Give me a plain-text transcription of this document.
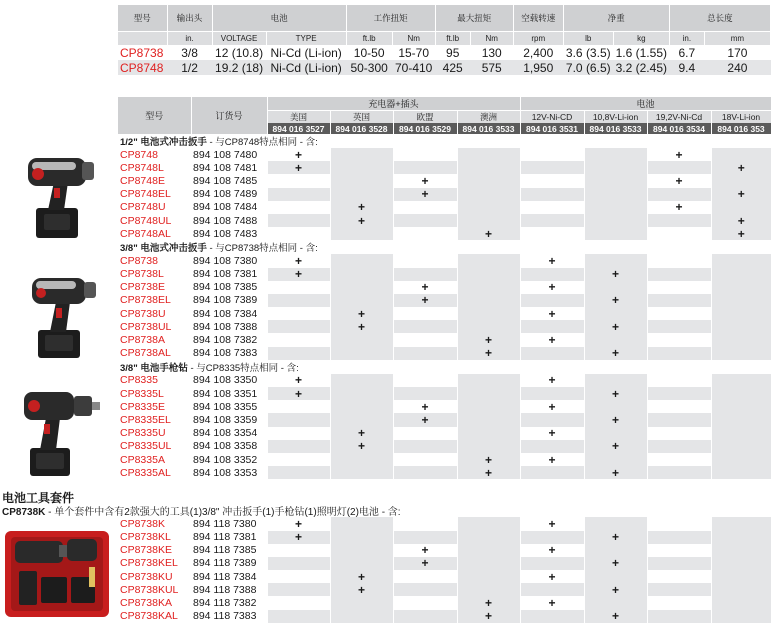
型号	输出头	电池		工作扭矩		最大扭矩		空载转速	净重		总长度	
	in.	VOLTAGE	TYPE	ft.lb	Nm	ft.lb	Nm	rpm	lb	kg	in.	mm
CP8738	3/8	12 (10.8)	Ni-Cd (Li-ion)	10-50	15-70	95	130	2,400	3.6 (3.5)	1.6 (1.55)	6.7	170
CP8748	1/2	19.2 (18)	Ni-Cd (Li-ion)	50-300	70-410	425	575	1,950	7.0 (6.5)	3.2 (2.45)	9.4	240
型号	订货号	充电器+插头				电池			
		美国	英国	欧盟	澳洲	12V-Ni-CD	10,8V-Li-ion	19,2V-Ni-Cd	18V-Li-ion
		894 016 3527	894 016 3528	894 016 3529	894 016 3533	894 016 3531	894 016 3533	894 016 3534	894 016 353
1/2" 电池式冲击扳手 - 与CP8748特点相同 - 含:									
CP8748	894 108 7480	+						+	
CP8748L	894 108 7481	+							+
CP8748E	894 108 7485			+				+	
CP8748EL	894 108 7489			+					+
CP8748U	894 108 7484		+					+	
CP8748UL	894 108 7488		+						+
CP8748AL	894 108 7483				+				+
3/8" 电池式冲击扳手 - 与CP8738特点相同 - 含:									
CP8738	894 108 7380	+				+			
CP8738L	894 108 7381	+					+		
CP8738E	894 108 7385			+		+			
CP8738EL	894 108 7389			+			+		
CP8738U	894 108 7384		+			+			
CP8738UL	894 108 7388		+				+		
CP8738A	894 108 7382				+	+			
CP8738AL	894 108 7383				+		+		
3/8" 电池手枪钻 - 与CP8335特点相同 - 含:									
CP8335	894 108 3350	+				+			
CP8335L	894 108 3351	+					+		
CP8335E	894 108 3355			+		+			
CP8335EL	894 108 3359			+			+		
CP8335U	894 108 3354		+			+			
CP8335UL	894 108 3358		+				+		
CP8335A	894 108 3352				+	+			
CP8335AL	894 108 3353				+		+		

CP8738K	894 118 7380	+				+			
CP8738KL	894 118 7381	+					+		
CP8738KE	894 118 7385			+		+			
CP8738KEL	894 118 7389			+			+		
CP8738KU	894 118 7384		+			+			
CP8738KUL	894 118 7388		+				+		
CP8738KA	894 118 7382				+	+			
CP8738KAL	894 118 7383				+		+		
电池工具套件
CP8738K - 单个套件中含有2款强大的工具(1)3/8" 冲击扳手(1)手枪钻(1)照明灯(2)电池 - 含:
